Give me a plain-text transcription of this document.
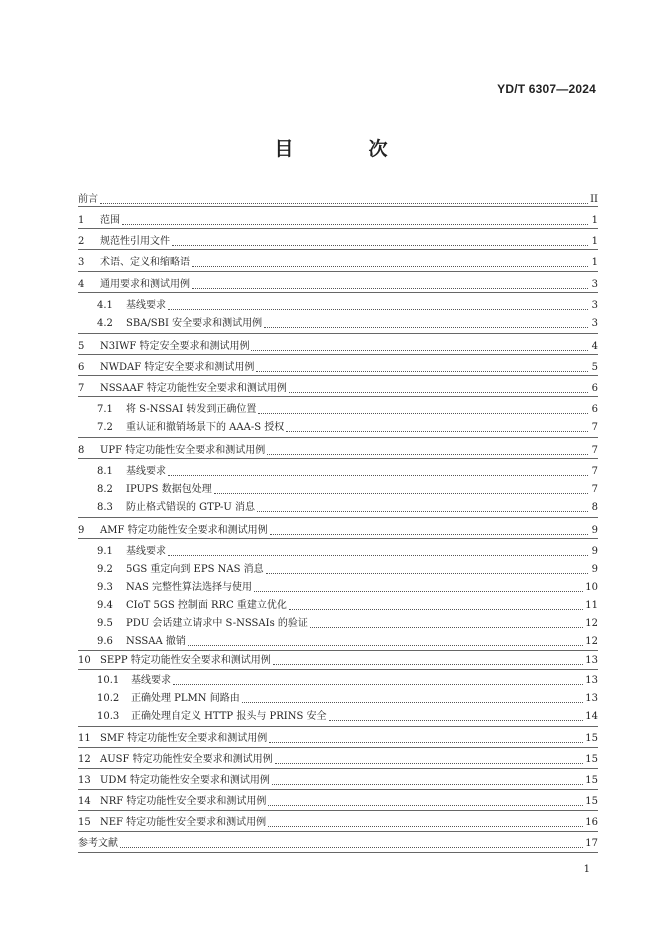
YD/T 6307—2024
目　次
前言	II
1	范围	1
2	规范性引用文件	1
3	术语、定义和缩略语	1
4	通用要求和测试用例	3
4.1	基线要求	3
4.2	SBA/SBI 安全要求和测试用例	3
5	N3IWF 特定安全要求和测试用例	4
6	NWDAF 特定安全要求和测试用例	5
7	NSSAAF 特定功能性安全要求和测试用例	6
7.1	将 S-NSSAI 转发到正确位置	6
7.2	重认证和撤销场景下的 AAA-S 授权	7
8	UPF 特定功能性安全要求和测试用例	7
8.1	基线要求	7
8.2	IPUPS 数据包处理	7
8.3	防止格式错误的 GTP-U 消息	8
9	AMF 特定功能性安全要求和测试用例	9
9.1	基线要求	9
9.2	5GS 重定向到 EPS NAS 消息	9
9.3	NAS 完整性算法选择与使用	10
9.4	CIoT 5GS 控制面 RRC 重建立优化	11
9.5	PDU 会话建立请求中 S-NSSAIs 的验证	12
9.6	NSSAA 撤销	12
10 SEPP 特定功能性安全要求和测试用例	13
10.1	基线要求	13
10.2	正确处理 PLMN 间路由	13
10.3	正确处理自定义 HTTP 报头与 PRINS 安全	14
11 SMF 特定功能性安全要求和测试用例	15
12 AUSF 特定功能性安全要求和测试用例	15
13 UDM 特定功能性安全要求和测试用例	15
14 NRF 特定功能性安全要求和测试用例	15
15 NEF 特定功能性安全要求和测试用例	16
参考文献	17
1
